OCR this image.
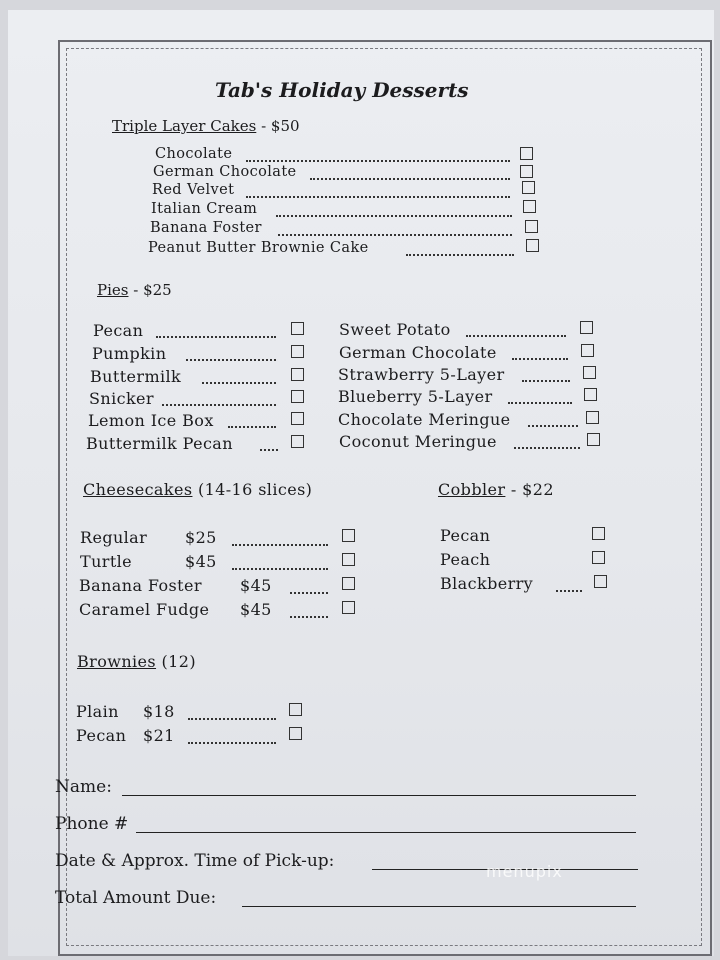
Tab's Holiday Desserts
Triple Layer Cakes - $50
Chocolate
German Chocolate
Red Velvet
Italian Cream
Banana Foster
Peanut Butter Brownie Cake
Pies - $25
Pecan
Pumpkin
Buttermilk
Snicker
Lemon Ice Box
Buttermilk Pecan
Sweet Potato
German Chocolate
Strawberry 5-Layer
Blueberry 5-Layer
Chocolate Meringue
Coconut Meringue
Cheesecakes (14-16 slices)
Regular $25
Turtle	$45
Banana Foster $45
Caramel Fudge $45
Cobbler - $22
Pecan
Peach
Blackberry
Brownies (12)
Plain $18
Pecan $21
Name:
Phone #
Date & Approx. Time of Pick-up:
Total Amount Due:
menupix
